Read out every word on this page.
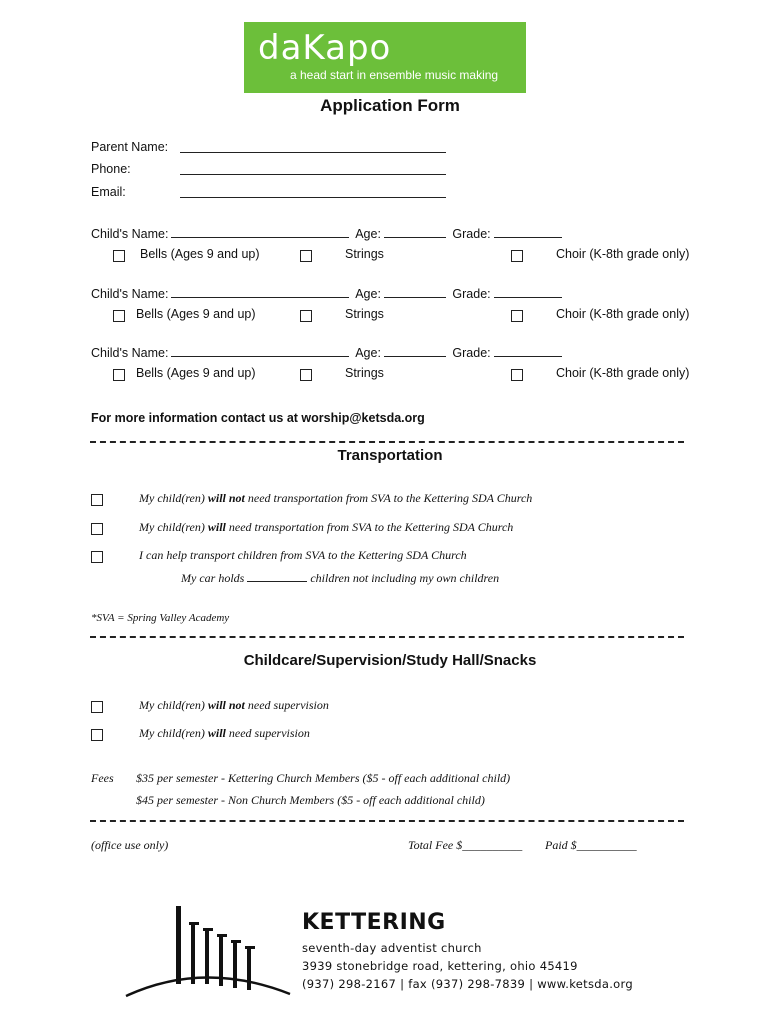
daKapo
a head start in ensemble music making
Application Form
Parent Name:
Phone:
Email:
Child's Name:	Age:	Grade:
Bells (Ages 9 and up)	Strings	Choir (K-8th grade only)
Child's Name:	Age:	Grade:
Bells (Ages 9 and up)	Strings	Choir (K-8th grade only)
Child's Name:	Age:	Grade:
Bells (Ages 9 and up)	Strings	Choir (K-8th grade only)
For more information contact us at worship@ketsda.org
Transportation
My child(ren) will not need transportation from SVA to the Kettering SDA Church
My child(ren) will need transportation from SVA to the Kettering SDA Church
I can help transport children from SVA to the Kettering SDA Church
My car holds	children not including my own children
*SVA = Spring Valley Academy
Childcare/Supervision/Study Hall/Snacks
My child(ren) will not need supervision
My child(ren) will need supervision
Fees $35 per semester - Kettering Church Members ($5 - off each additional child)
$45 per semester - Non Church Members ($5 - off each additional child)
(office use only)	Total Fee $__________ Paid $__________
KETTERING
seventh-day adventist church
3939 stonebridge road, kettering, ohio 45419
(937) 298-2167 | fax (937) 298-7839 | www.ketsda.org
